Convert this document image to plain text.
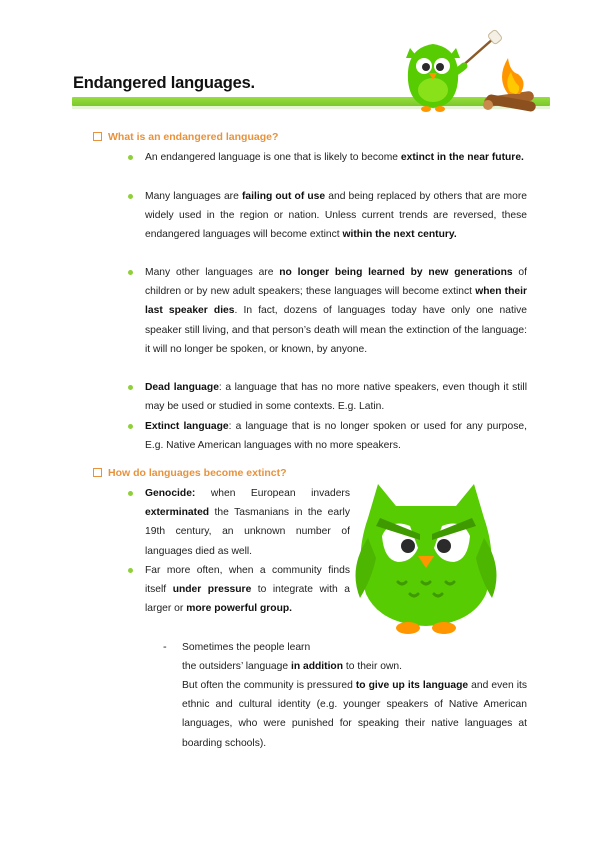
Endangered languages.
What is an endangered language?
An endangered language is one that is likely to become extinct in the near future.
Many languages are failing out of use and being replaced by others that are more widely used in the region or nation. Unless current trends are reversed, these endangered languages will become extinct within the next century.
Many other languages are no longer being learned by new generations of children or by new adult speakers; these languages will become extinct when their last speaker dies. In fact, dozens of languages today have only one native speaker still living, and that person’s death will mean the extinction of the language: it will no longer be spoken, or known, by anyone.
Dead language: a language that has no more native speakers, even though it still may be used or studied in some contexts. E.g. Latin.
Extinct language: a language that is no longer spoken or used for any purpose, E.g. Native American languages with no more speakers.
How do languages become extinct?
Genocide: when European invaders exterminated the Tasmanians in the early 19th century, an unknown number of languages died as well.
Far more often, when a community finds itself under pressure to integrate with a larger or more powerful group.
- Sometimes the people learn
the outsiders’ language in addition to their own.
But often the community is pressured to give up its language and even its ethnic and cultural identity (e.g. younger speakers of Native American languages, who were punished for speaking their native languages at boarding schools).
